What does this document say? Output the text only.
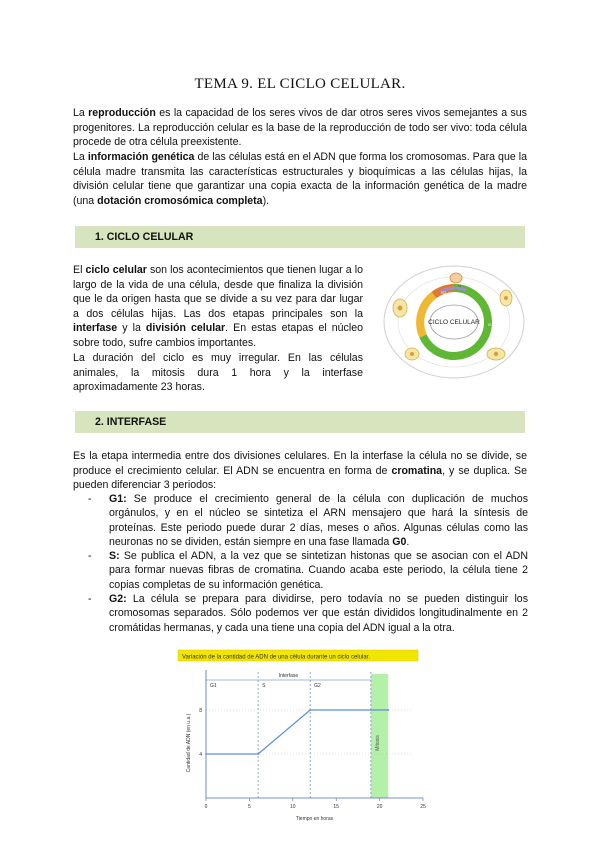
TEMA 9. EL CICLO CELULAR.

La reproducción es la capacidad de los seres vivos de dar otros seres vivos semejantes a sus progenitores. La reproducción celular es la base de la reproducción de todo ser vivo: toda célula procede de otra célula preexistente.

La información genética de las células está en el ADN que forma los cromosomas. Para que la célula madre transmita las características estructurales y bioquímicas a las células hijas, la división celular tiene que garantizar una copia exacta de la información genética de la madre (una dotación cromosómica completa).

1. CICLO CELULAR

El ciclo celular son los acontecimientos que tienen lugar a lo largo de la vida de una célula, desde que finaliza la división que le da origen hasta que se divide a su vez para dar lugar a dos células hijas. Las dos etapas principales son la interfase y la división celular. En estas etapas el núcleo sobre todo, sufre cambios importantes.

La duración del ciclo es muy irregular. En las células animales, la mitosis dura 1 hora y la interfase aproximadamente 23 horas.

CICLO CELULAR G1
S
G2
M
2. INTERFASE

Es la etapa intermedia entre dos divisiones celulares. En la interfase la célula no se divide, se produce el crecimiento celular. El ADN se encuentra en forma de cromatina, y se duplica. Se pueden diferenciar 3 periodos:

- G1: Se produce el crecimiento general de la célula con duplicación de muchos orgánulos, y en el núcleo se sintetiza el ARN mensajero que hará la síntesis de proteínas. Este periodo puede durar 2 días, meses o años. Algunas células como las neuronas no se dividen, están siempre en una fase llamada G0.
- S: Se publica el ADN, a la vez que se sintetizan histonas que se asocian con el ADN para formar nuevas fibras de cromatina. Cuando acaba este periodo, la célula tiene 2 copias completas de su información genética.
- G2: La célula se prepara para dividirse, pero todavía no se pueden distinguir los cromosomas separados. Sólo podemos ver que están divididos longitudinalmente en 2 cromátidas hermanas, y cada una tiene una copia del ADN igual a la otra.
Variación de la cantidad de ADN de una célula durante un ciclo celular.
Mitosis
Interfase
G1	S	G2
4
8
0	5	10	15	20	25
Tiempo en horas
Cantidad de ADN (en u.a.)
